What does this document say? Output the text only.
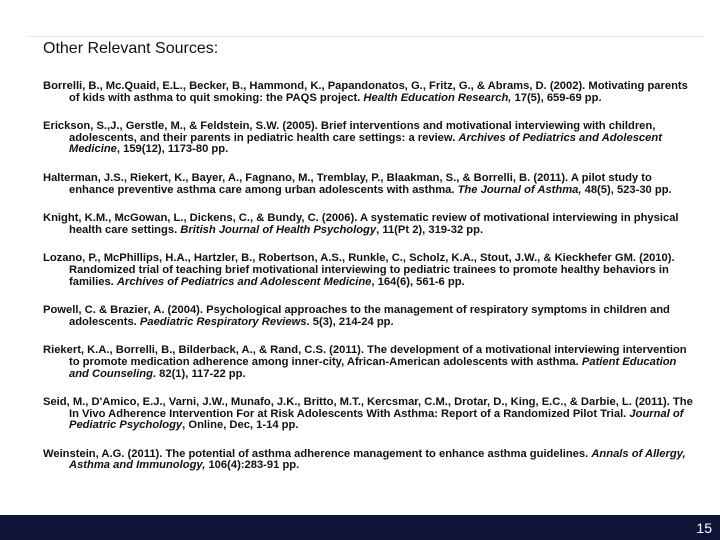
Other Relevant Sources:

Borrelli, B., Mc.Quaid, E.L., Becker, B., Hammond, K., Papandonatos, G., Fritz, G., & Abrams, D. (2002). Motivating parents of kids with asthma to quit smoking: the PAQS project. Health Education Research, 17(5), 659-69 pp.

Erickson, S.,J., Gerstle, M., & Feldstein, S.W. (2005). Brief interventions and motivational interviewing with children, adolescents, and their parents in pediatric health care settings: a review. Archives of Pediatrics and Adolescent Medicine, 159(12), 1173-80 pp.

Halterman, J.S., Riekert, K., Bayer, A., Fagnano, M., Tremblay, P., Blaakman, S., & Borrelli, B. (2011). A pilot study to enhance preventive asthma care among urban adolescents with asthma. The Journal of Asthma, 48(5), 523-30 pp.

Knight, K.M., McGowan, L., Dickens, C., & Bundy, C. (2006). A systematic review of motivational interviewing in physical health care settings. British Journal of Health Psychology, 11(Pt 2), 319-32 pp.

Lozano, P., McPhillips, H.A., Hartzler, B., Robertson, A.S., Runkle, C., Scholz, K.A., Stout, J.W., & Kieckhefer GM. (2010). Randomized trial of teaching brief motivational interviewing to pediatric trainees to promote healthy behaviors in families. Archives of Pediatrics and Adolescent Medicine, 164(6), 561-6 pp.

Powell, C. & Brazier, A. (2004). Psychological approaches to the management of respiratory symptoms in children and adolescents. Paediatric Respiratory Reviews. 5(3), 214-24 pp.

Riekert, K.A., Borrelli, B., Bilderback, A., & Rand, C.S. (2011). The development of a motivational interviewing intervention to promote medication adherence among inner-city, African-American adolescents with asthma. Patient Education and Counseling. 82(1), 117-22 pp.

Seid, M., D'Amico, E.J., Varni, J.W., Munafo, J.K., Britto, M.T., Kercsmar, C.M., Drotar, D., King, E.C., & Darbie, L. (2011). The In Vivo Adherence Intervention For at Risk Adolescents With Asthma: Report of a Randomized Pilot Trial. Journal of Pediatric Psychology, Online, Dec, 1-14 pp.

Weinstein, A.G. (2011). The potential of asthma adherence management to enhance asthma guidelines. Annals of Allergy, Asthma and Immunology, 106(4):283-91 pp.

15
